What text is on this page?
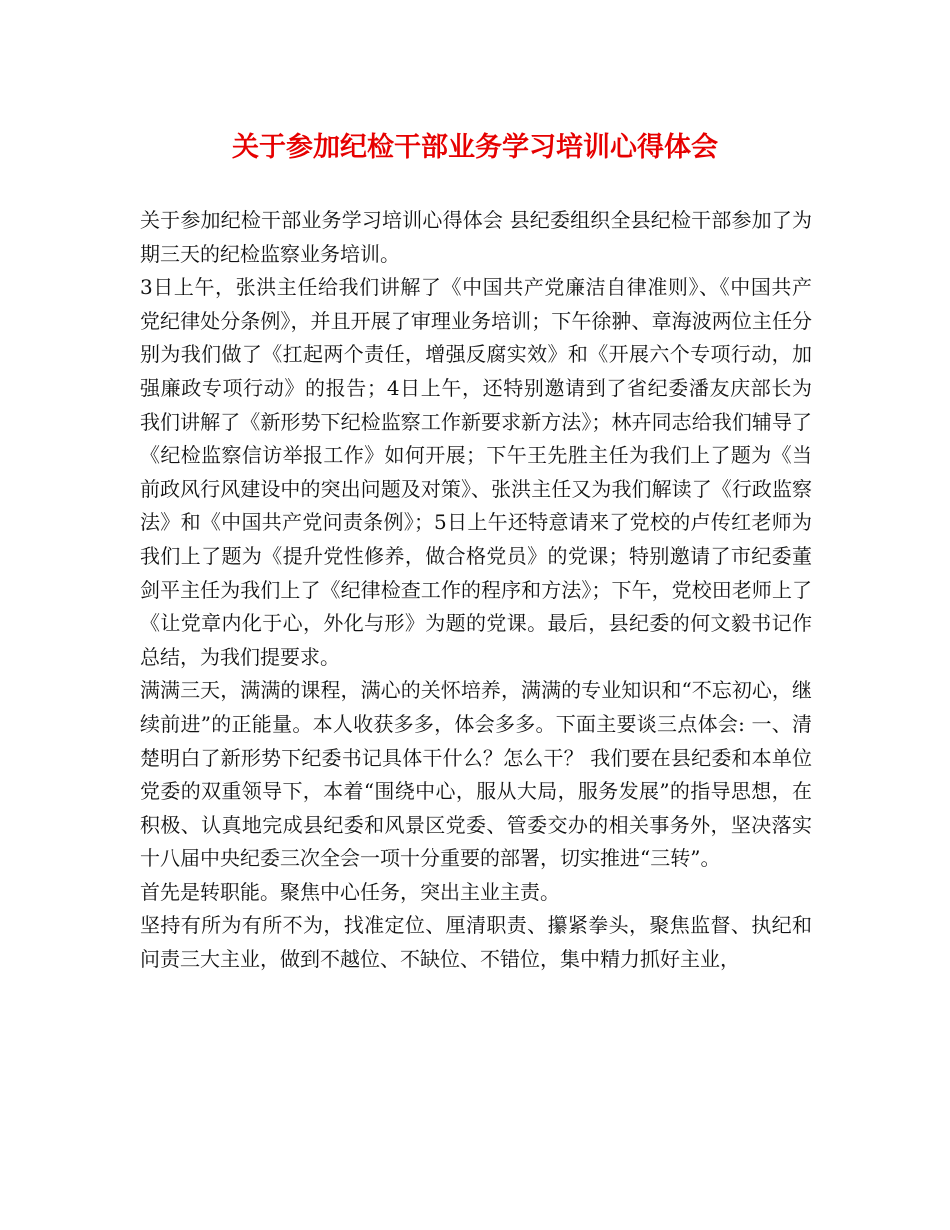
关于参加纪检干部业务学习培训心得体会

关于参加纪检干部业务学习培训心得体会 县纪委组织全县纪检干部参加了为期三天的纪检监察业务培训。

3日上午，张洪主任给我们讲解了《中国共产党廉洁自律准则》、《中国共产党纪律处分条例》，并且开展了审理业务培训；下午徐翀、章海波两位主任分别为我们做了《扛起两个责任，增强反腐实效》和《开展六个专项行动，加强廉政专项行动》的报告；4日上午，还特别邀请到了省纪委潘友庆部长为我们讲解了《新形势下纪检监察工作新要求新方法》；林卉同志给我们辅导了《纪检监察信访举报工作》如何开展；下午王先胜主任为我们上了题为《当前政风行风建设中的突出问题及对策》、张洪主任又为我们解读了《行政监察法》和《中国共产党问责条例》；5日上午还特意请来了党校的卢传红老师为我们上了题为《提升党性修养，做合格党员》的党课；特别邀请了市纪委董剑平主任为我们上了《纪律检查工作的程序和方法》；下午，党校田老师上了《让党章内化于心，外化与形》为题的党课。最后，县纪委的何文毅书记作总结，为我们提要求。

满满三天，满满的课程，满心的关怀培养，满满的专业知识和“不忘初心，继续前进”的正能量。本人收获多多，体会多多。下面主要谈三点体会: 一、清楚明白了新形势下纪委书记具体干什么？怎么干？ 我们要在县纪委和本单位党委的双重领导下，本着“围绕中心，服从大局，服务发展”的指导思想，在积极、认真地完成县纪委和风景区党委、管委交办的相关事务外，坚决落实十八届中央纪委三次全会一项十分重要的部署，切实推进“三转”。

首先是转职能。聚焦中心任务，突出主业主责。

坚持有所为有所不为，找准定位、厘清职责、攥紧拳头，聚焦监督、执纪和问责三大主业，做到不越位、不缺位、不错位，集中精力抓好主业，
